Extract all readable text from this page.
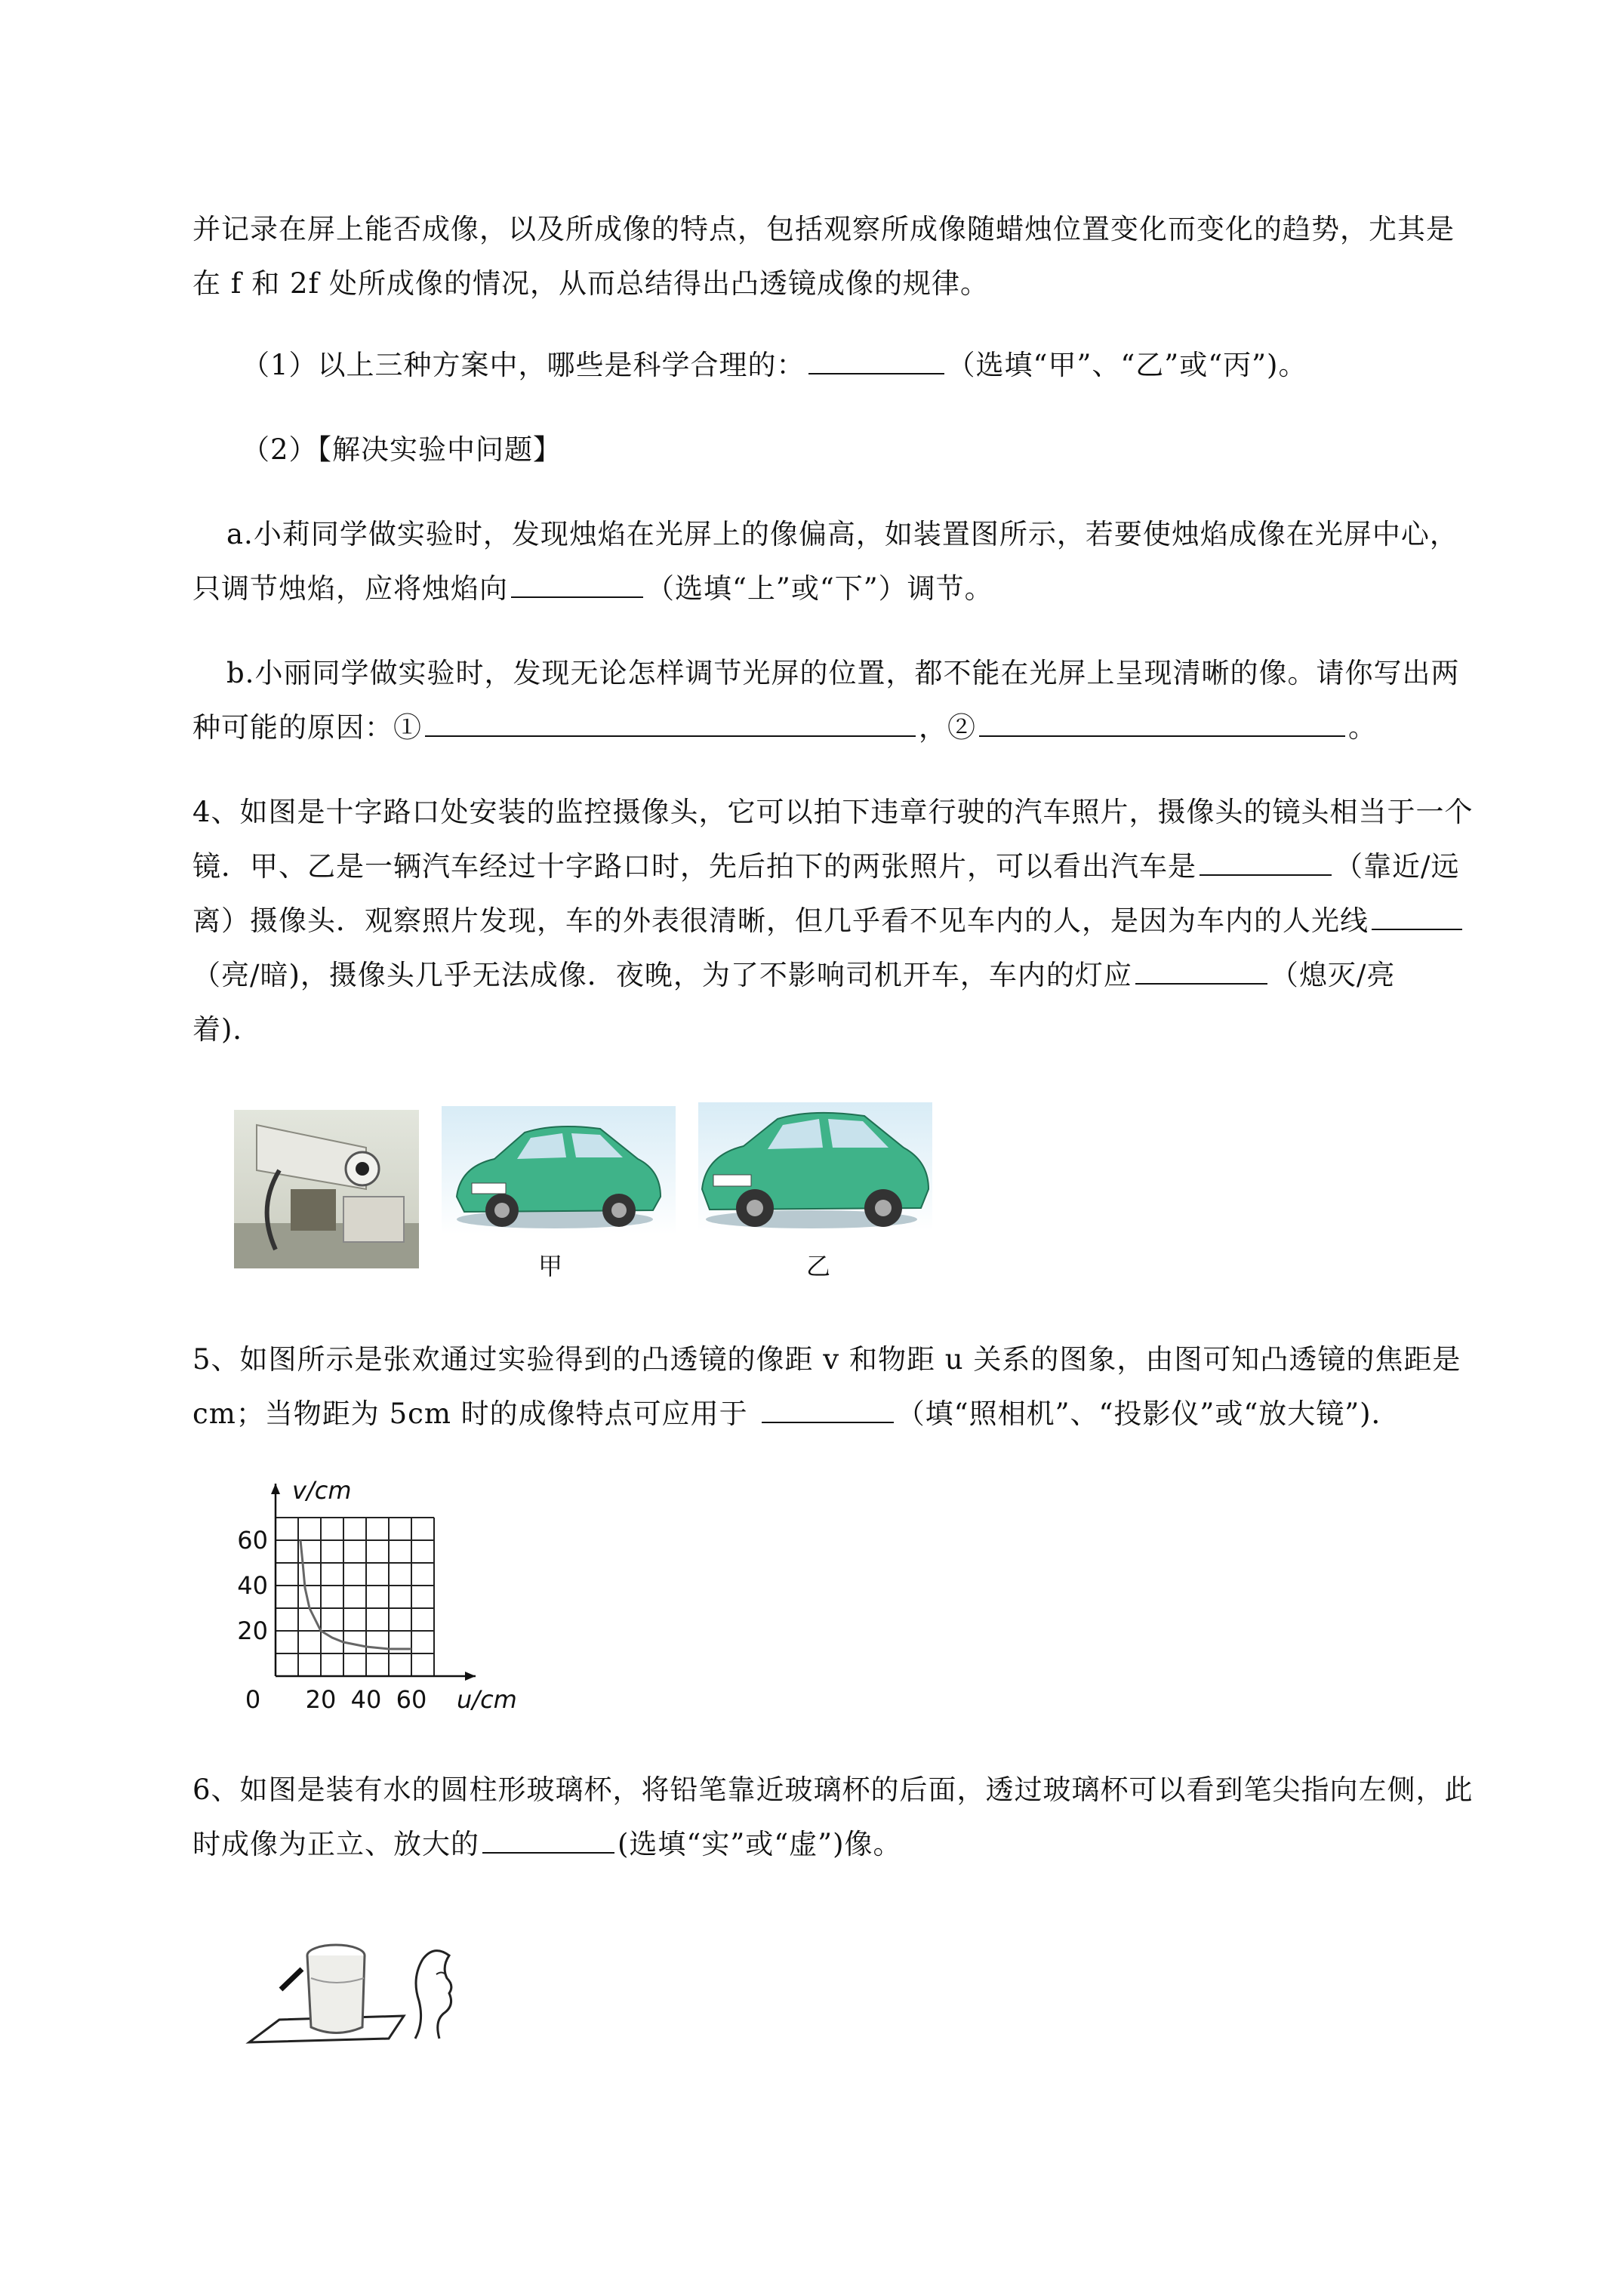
并记录在屏上能否成像，以及所成像的特点，包括观察所成像随蜡烛位置变化而变化的趋势，尤其是
在 f 和 2f 处所成像的情况，从而总结得出凸透镜成像的规律。
（1）以上三种方案中，哪些是科学合理的：	（选填“甲”、“乙”或“丙”)。
（2）【解决实验中问题】
a.小莉同学做实验时，发现烛焰在光屏上的像偏高，如装置图所示，若要使烛焰成像在光屏中心，
只调节烛焰，应将烛焰向	（选填“上”或“下”）调节。
b.小丽同学做实验时，发现无论怎样调节光屏的位置，都不能在光屏上呈现清晰的像。请你写出两
种可能的原因：①	，②	。
4、如图是十字路口处安装的监控摄像头，它可以拍下违章行驶的汽车照片，摄像头的镜头相当于一个
镜．甲、乙是一辆汽车经过十字路口时，先后拍下的两张照片，可以看出汽车是	（靠近/远
离）摄像头．观察照片发现，车的外表很清晰，但几乎看不见车内的人，是因为车内的人光线
（亮/暗)，摄像头几乎无法成像．夜晚，为了不影响司机开车，车内的灯应	（熄灭/亮
着)．
甲	乙
5、如图所示是张欢通过实验得到的凸透镜的像距 v 和物距 u 关系的图象，由图可知凸透镜的焦距是
cm；当物距为 5cm 时的成像特点可应用于	（填“照相机”、“投影仪”或“放大镜”)．
0 20 40 60
60
40
20
v/cm
u/cm
6、如图是装有水的圆柱形玻璃杯，将铅笔靠近玻璃杯的后面，透过玻璃杯可以看到笔尖指向左侧，此
时成像为正立、放大的	(选填“实”或“虚”)像。
